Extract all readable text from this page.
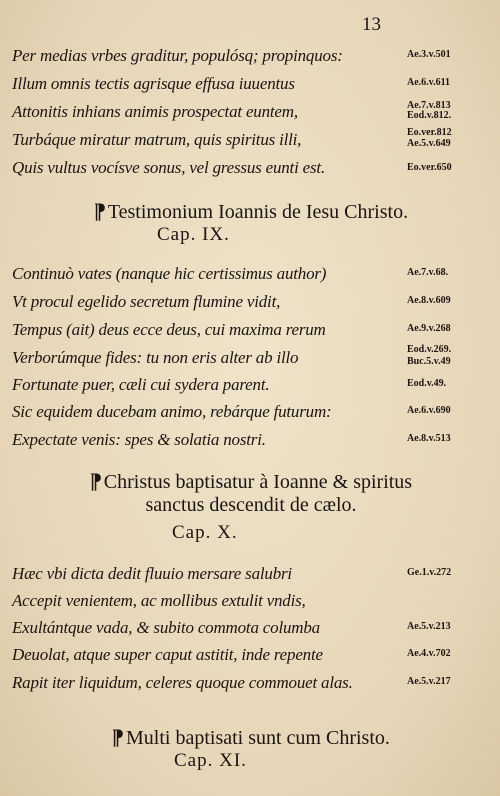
13
Per medias vrbes graditur, populósq; propinquos:	Ae.3.v.501
Illum omnis tectis agrisque effusa iuuentus	Ae.6.v.611
Attonitis inhians animis prospectat euntem,	Ae.7.v.813
Eod.v.812.
Turbáque miratur matrum, quis spiritus illi,	Eo.ver.812
Ae.5.v.649
Quis vultus vocísve sonus, vel gressus eunti est.	Eo.ver.650
¶ Testimonium Ioannis de Iesu Christo.
Cap. IX.
Continuò vates (nanque hic certissimus author)	Ae.7.v.68.
Vt procul egelido secretum flumine vidit,	Ae.8.v.609
Tempus (ait) deus ecce deus, cui maxima rerum	Ae.9.v.268
Verborúmque fides: tu non eris alter ab illo	Eod.v.269.
Buc.5.v.49
Fortunate puer, cæli cui sydera parent.	Eod.v.49.
Sic equidem ducebam animo, rebárque futurum:	Ae.6.v.690
Expectate venis: spes & solatia nostri.	Ae.8.v.513
¶ Christus baptisatur à Ioanne & spiritus
sanctus descendit de cælo.
Cap. X.
Hæc vbi dicta dedit fluuio mersare salubri	Ge.1.v.272
Accepit venientem, ac mollibus extulit vndis,
Exultántque vada, & subito commota columba	Ae.5.v.213
Deuolat, atque super caput astitit, inde repente	Ae.4.v.702
Rapit iter liquidum, celeres quoque commouet alas.	Ae.5.v.217
¶ Multi baptisati sunt cum Christo.
Cap. XI.
